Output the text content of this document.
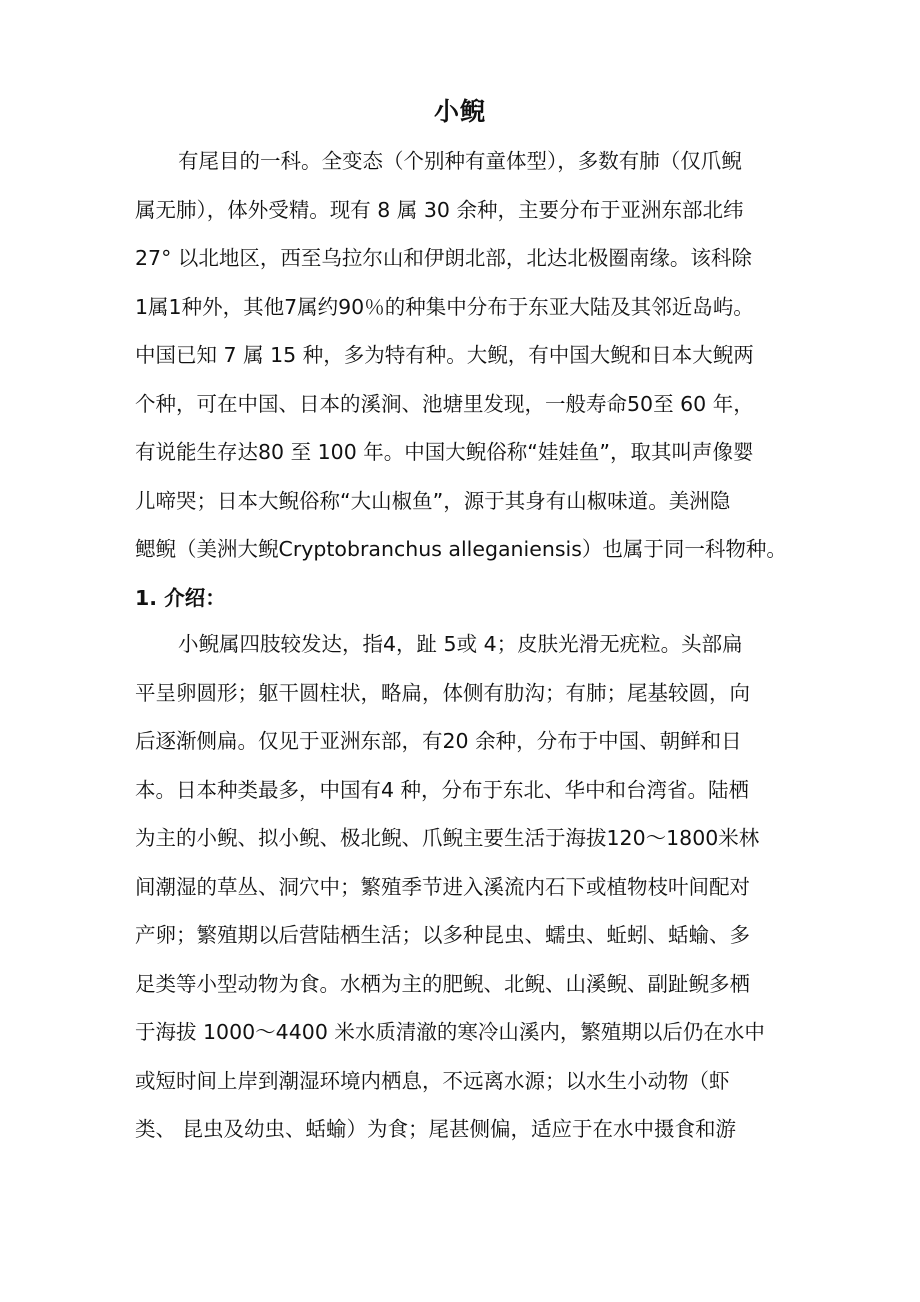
小鲵
有尾目的一科。全变态（个别种有童体型），多数有肺（仅爪鲵
属无肺），体外受精。现有 8 属 30 余种，主要分布于亚洲东部北纬
27° 以北地区，西至乌拉尔山和伊朗北部，北达北极圈南缘。该科除
1属1种外，其他7属约90％的种集中分布于东亚大陆及其邻近岛屿。
中国已知 7 属 15 种，多为特有种。大鲵，有中国大鲵和日本大鲵两
个种，可在中国、日本的溪涧、池塘里发现，一般寿命50至 60 年，
有说能生存达80 至 100 年。中国大鲵俗称“娃娃鱼”，取其叫声像婴
儿啼哭；日本大鲵俗称“大山椒鱼”，源于其身有山椒味道。美洲隐
鳃鲵（美洲大鲵Cryptobranchus alleganiensis）也属于同一科物种。
1. 介绍：
小鲵属四肢较发达，指4，趾 5或 4；皮肤光滑无疣粒。头部扁
平呈卵圆形；躯干圆柱状，略扁，体侧有肋沟；有肺；尾基较圆，向
后逐渐侧扁。仅见于亚洲东部，有20 余种，分布于中国、朝鲜和日
本。日本种类最多，中国有4 种，分布于东北、华中和台湾省。陆栖
为主的小鲵、拟小鲵、极北鲵、爪鲵主要生活于海拔120〜1800米林
间潮湿的草丛、洞穴中；繁殖季节进入溪流内石下或植物枝叶间配对
产卵；繁殖期以后营陆栖生活；以多种昆虫、蠕虫、蚯蚓、蛞蝓、多
足类等小型动物为食。水栖为主的肥鲵、北鲵、山溪鲵、副趾鲵多栖
于海拔 1000〜4400 米水质清澈的寒冷山溪内，繁殖期以后仍在水中
或短时间上岸到潮湿环境内栖息，不远离水源；以水生小动物（虾
类、 昆虫及幼虫、蛞蝓）为食；尾甚侧偏，适应于在水中摄食和游
